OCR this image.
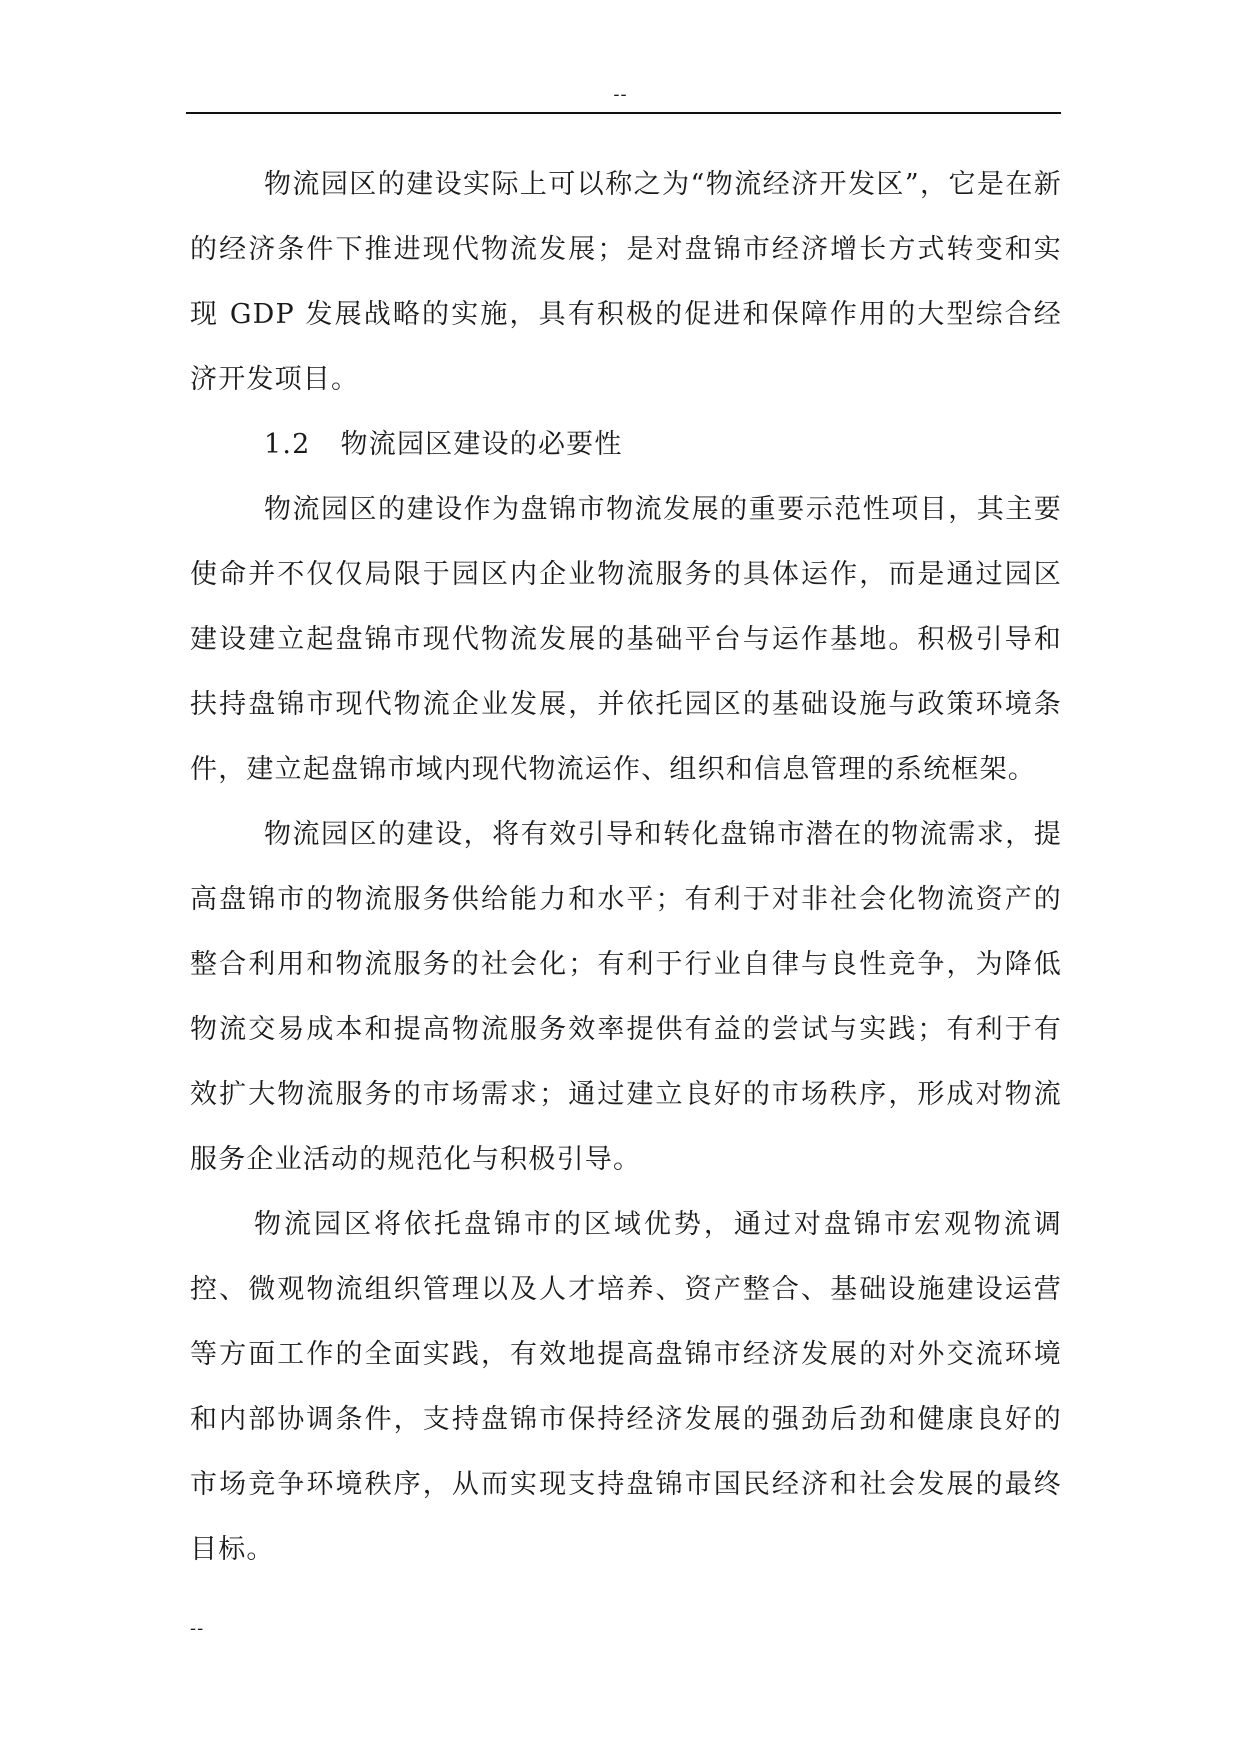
--

物流园区的建设实际上可以称之为“物流经济开发区”，它是在新的经济条件下推进现代物流发展；是对盘锦市经济增长方式转变和实现 GDP 发展战略的实施，具有积极的促进和保障作用的大型综合经济开发项目。

1.2 物流园区建设的必要性

物流园区的建设作为盘锦市物流发展的重要示范性项目，其主要使命并不仅仅局限于园区内企业物流服务的具体运作，而是通过园区建设建立起盘锦市现代物流发展的基础平台与运作基地。积极引导和扶持盘锦市现代物流企业发展，并依托园区的基础设施与政策环境条件，建立起盘锦市域内现代物流运作、组织和信息管理的系统框架。

物流园区的建设，将有效引导和转化盘锦市潜在的物流需求，提高盘锦市的物流服务供给能力和水平；有利于对非社会化物流资产的整合利用和物流服务的社会化；有利于行业自律与良性竞争，为降低物流交易成本和提高物流服务效率提供有益的尝试与实践；有利于有效扩大物流服务的市场需求；通过建立良好的市场秩序，形成对物流服务企业活动的规范化与积极引导。

物流园区将依托盘锦市的区域优势，通过对盘锦市宏观物流调控、微观物流组织管理以及人才培养、资产整合、基础设施建设运营等方面工作的全面实践，有效地提高盘锦市经济发展的对外交流环境和内部协调条件，支持盘锦市保持经济发展的强劲后劲和健康良好的市场竞争环境秩序，从而实现支持盘锦市国民经济和社会发展的最终目标。

--
